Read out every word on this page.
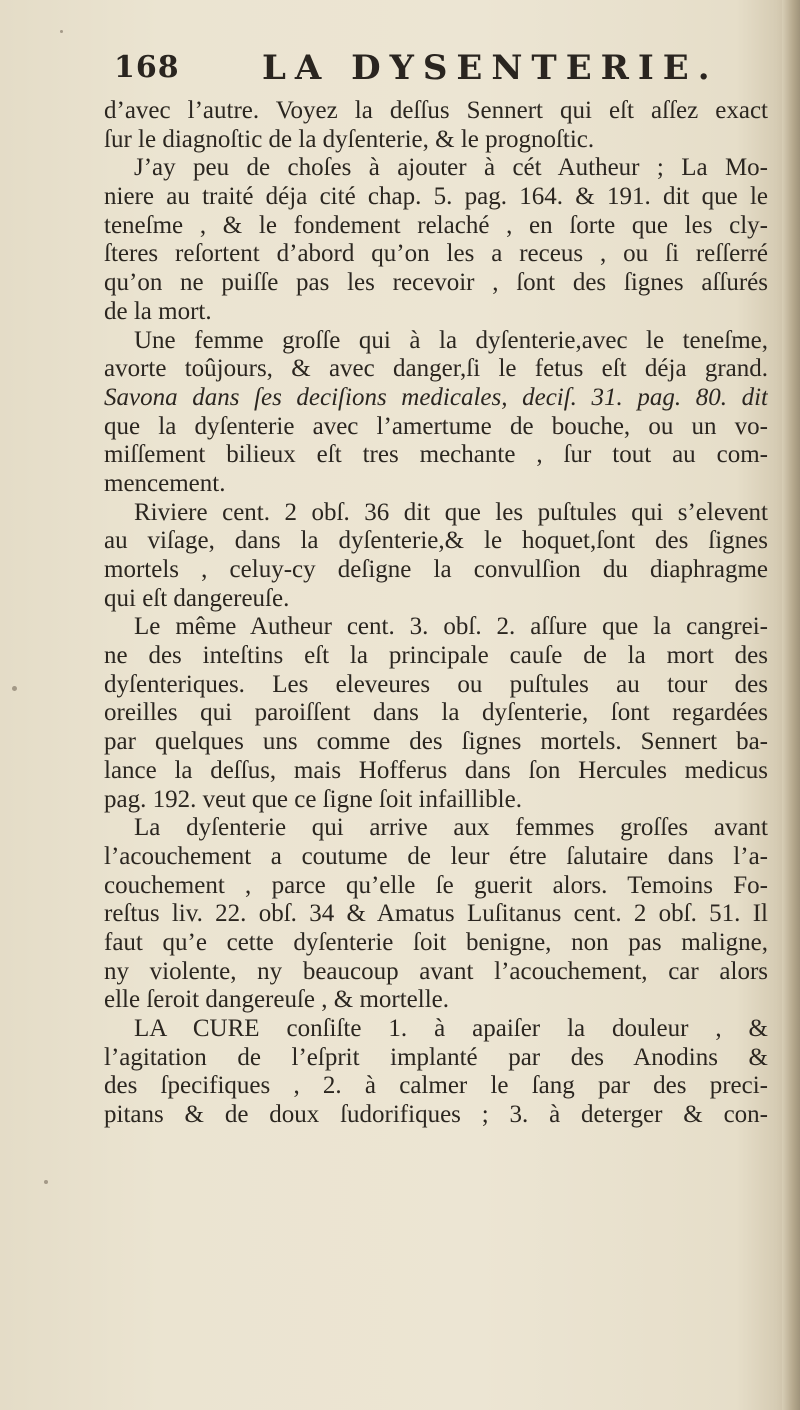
168 LA DYSENTERIE.
d’avec l’autre. Voyez la deſſus Sennert qui eſt aſſez exact
ſur le diagnoſtic de la dyſenterie, & le prognoſtic.
J’ay peu de choſes à ajouter à cét Autheur ; La Mo-
niere au traité déja cité chap. 5. pag. 164. & 191. dit que le
teneſme , & le fondement relaché , en ſorte que les cly-
ſteres reſortent d’abord qu’on les a receus , ou ſi reſſerré
qu’on ne puiſſe pas les recevoir , ſont des ſignes aſſurés
de la mort.
Une femme groſſe qui à la dyſenterie,avec le teneſme,
avorte toûjours, & avec danger,ſi le fetus eſt déja grand.
Savona dans ſes deciſions medicales, deciſ. 31. pag. 80. dit
que la dyſenterie avec l’amertume de bouche, ou un vo-
miſſement bilieux eſt tres mechante , ſur tout au com-
mencement.
Riviere cent. 2 obſ. 36 dit que les puſtules qui s’elevent
au viſage, dans la dyſenterie,& le hoquet,ſont des ſignes
mortels , celuy-cy deſigne la convulſion du diaphragme
qui eſt dangereuſe.
Le même Autheur cent. 3. obſ. 2. aſſure que la cangrei-
ne des inteſtins eſt la principale cauſe de la mort des
dyſenteriques. Les eleveures ou puſtules au tour des
oreilles qui paroiſſent dans la dyſenterie, ſont regardées
par quelques uns comme des ſignes mortels. Sennert ba-
lance la deſſus, mais Hofferus dans ſon Hercules medicus
pag. 192. veut que ce ſigne ſoit infaillible.
La dyſenterie qui arrive aux femmes groſſes avant
l’acouchement a coutume de leur étre ſalutaire dans l’a-
couchement , parce qu’elle ſe guerit alors. Temoins Fo-
reſtus liv. 22. obſ. 34 & Amatus Luſitanus cent. 2 obſ. 51. Il
faut qu’e cette dyſenterie ſoit benigne, non pas maligne,
ny violente, ny beaucoup avant l’acouchement, car alors
elle ſeroit dangereuſe , & mortelle.
LA CURE conſiſte 1. à apaiſer la douleur , &
l’agitation de l’eſprit implanté par des Anodins &
des ſpecifiques , 2. à calmer le ſang par des preci-
pitans & de doux ſudorifiques ; 3. à deterger & con-
